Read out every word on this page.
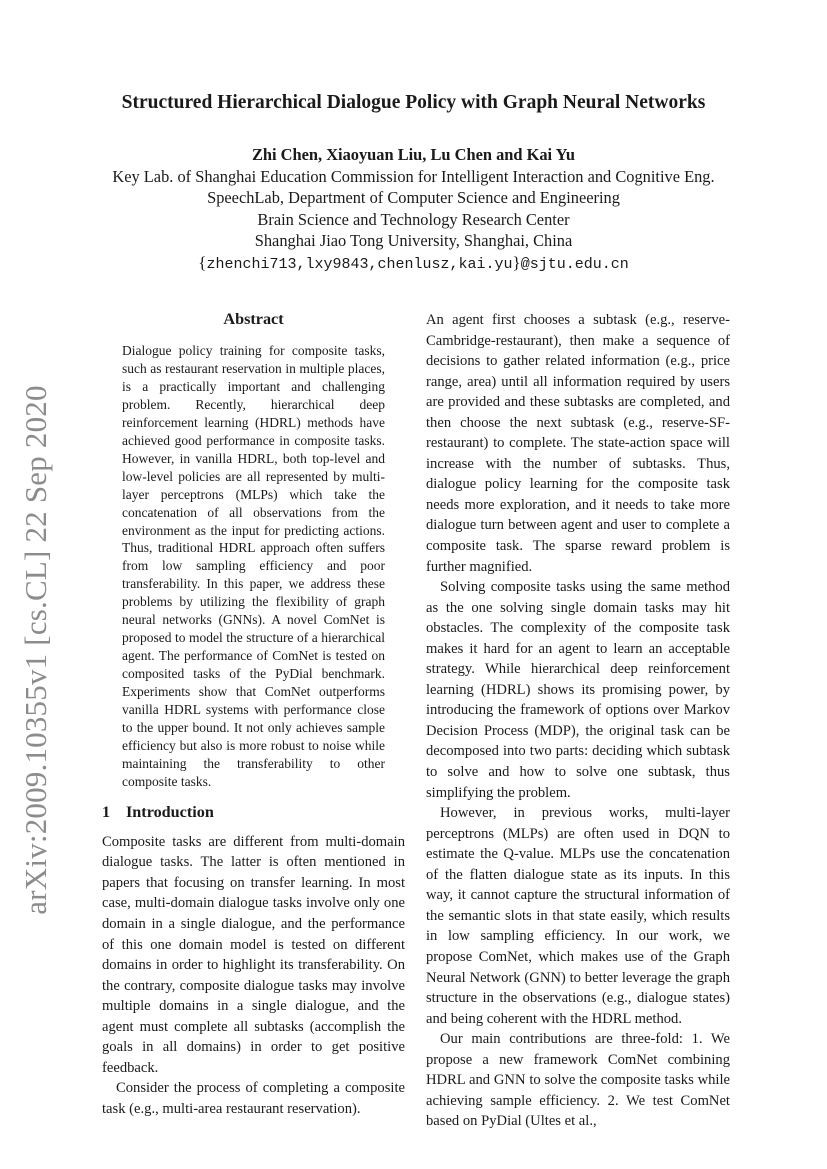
arXiv:2009.10355v1 [cs.CL] 22 Sep 2020
Structured Hierarchical Dialogue Policy with Graph Neural Networks
Zhi Chen, Xiaoyuan Liu, Lu Chen and Kai Yu
Key Lab. of Shanghai Education Commission for Intelligent Interaction and Cognitive Eng.
SpeechLab, Department of Computer Science and Engineering
Brain Science and Technology Research Center
Shanghai Jiao Tong University, Shanghai, China
{zhenchi713,lxy9843,chenlusz,kai.yu}@sjtu.edu.cn
Abstract
Dialogue policy training for composite tasks, such as restaurant reservation in multiple places, is a practically important and challenging problem. Recently, hierarchical deep reinforcement learning (HDRL) methods have achieved good performance in composite tasks. However, in vanilla HDRL, both top-level and low-level policies are all represented by multi-layer perceptrons (MLPs) which take the concatenation of all observations from the environment as the input for predicting actions. Thus, traditional HDRL approach often suffers from low sampling efficiency and poor transferability. In this paper, we address these problems by utilizing the flexibility of graph neural networks (GNNs). A novel ComNet is proposed to model the structure of a hierarchical agent. The performance of ComNet is tested on composited tasks of the PyDial benchmark. Experiments show that ComNet outperforms vanilla HDRL systems with performance close to the upper bound. It not only achieves sample efficiency but also is more robust to noise while maintaining the transferability to other composite tasks.
1 Introduction

Composite tasks are different from multi-domain dialogue tasks. The latter is often mentioned in papers that focusing on transfer learning. In most case, multi-domain dialogue tasks involve only one domain in a single dialogue, and the performance of this one domain model is tested on different domains in order to highlight its transferability. On the contrary, composite dialogue tasks may involve multiple domains in a single dialogue, and the agent must complete all subtasks (accomplish the goals in all domains) in order to get positive feedback.

Consider the process of completing a composite task (e.g., multi-area restaurant reservation).

An agent first chooses a subtask (e.g., reserve-Cambridge-restaurant), then make a sequence of decisions to gather related information (e.g., price range, area) until all information required by users are provided and these subtasks are completed, and then choose the next subtask (e.g., reserve-SF-restaurant) to complete. The state-action space will increase with the number of subtasks. Thus, dialogue policy learning for the composite task needs more exploration, and it needs to take more dialogue turn between agent and user to complete a composite task. The sparse reward problem is further magnified.

Solving composite tasks using the same method as the one solving single domain tasks may hit obstacles. The complexity of the composite task makes it hard for an agent to learn an acceptable strategy. While hierarchical deep reinforcement learning (HDRL) shows its promising power, by introducing the framework of options over Markov Decision Process (MDP), the original task can be decomposed into two parts: deciding which subtask to solve and how to solve one subtask, thus simplifying the problem.

However, in previous works, multi-layer perceptrons (MLPs) are often used in DQN to estimate the Q-value. MLPs use the concatenation of the flatten dialogue state as its inputs. In this way, it cannot capture the structural information of the semantic slots in that state easily, which results in low sampling efficiency. In our work, we propose ComNet, which makes use of the Graph Neural Network (GNN) to better leverage the graph structure in the observations (e.g., dialogue states) and being coherent with the HDRL method.

Our main contributions are three-fold: 1. We propose a new framework ComNet combining HDRL and GNN to solve the composite tasks while achieving sample efficiency. 2. We test ComNet based on PyDial (Ultes et al.,
